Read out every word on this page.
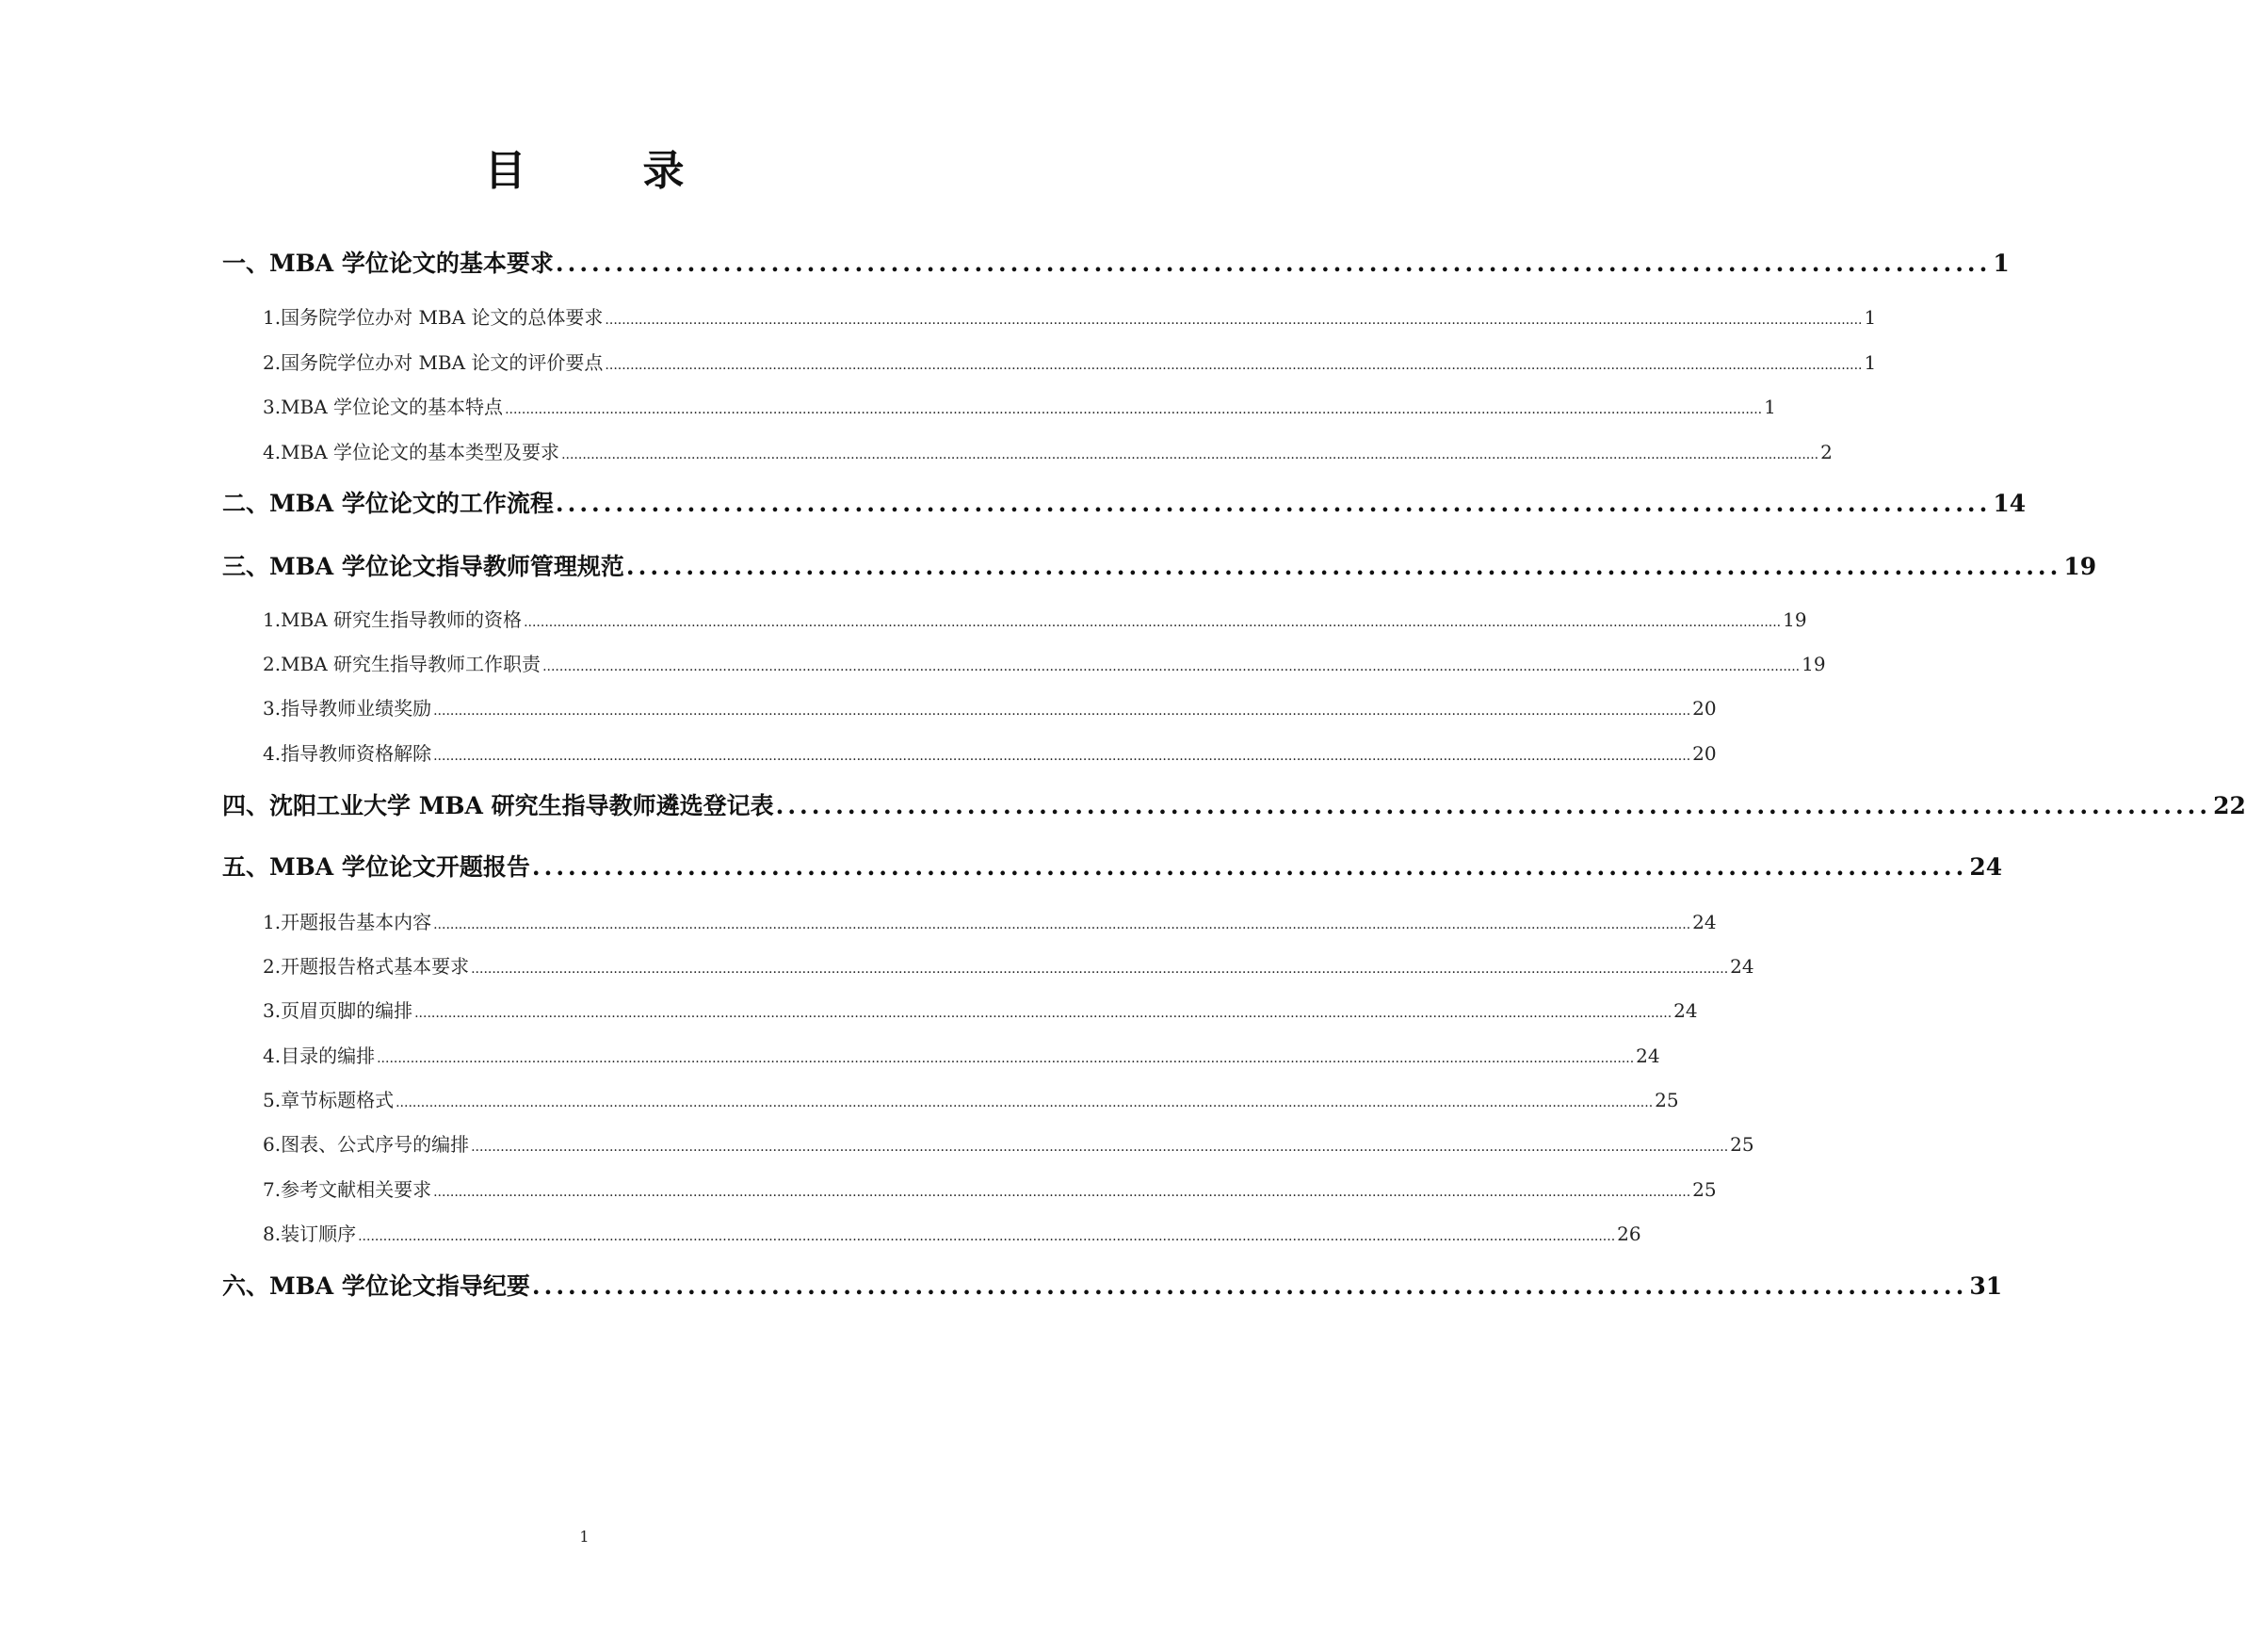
目　录
一、MBA 学位论文的基本要求 ........................................................................................................................ 1
1.国务院学位办对 MBA 论文的总体要求 ............................................................................................................................................................................................................................................................................................................ 1
2.国务院学位办对 MBA 论文的评价要点 ............................................................................................................................................................................................................................................................................................................ 1
3.MBA 学位论文的基本特点 ............................................................................................................................................................................................................................................................................................................ 1
4.MBA 学位论文的基本类型及要求 ............................................................................................................................................................................................................................................................................................................ 2
二、MBA 学位论文的工作流程 ........................................................................................................................ 14
三、MBA 学位论文指导教师管理规范 ........................................................................................................................ 19
1.MBA 研究生指导教师的资格 ............................................................................................................................................................................................................................................................................................................ 19
2.MBA 研究生指导教师工作职责 ............................................................................................................................................................................................................................................................................................................ 19
3.指导教师业绩奖励 ............................................................................................................................................................................................................................................................................................................ 20
4.指导教师资格解除 ............................................................................................................................................................................................................................................................................................................ 20
四、沈阳工业大学 MBA 研究生指导教师遴选登记表 ........................................................................................................................ 22
五、MBA 学位论文开题报告 ........................................................................................................................ 24
1.开题报告基本内容 ............................................................................................................................................................................................................................................................................................................ 24
2.开题报告格式基本要求 ............................................................................................................................................................................................................................................................................................................ 24
3.页眉页脚的编排 ............................................................................................................................................................................................................................................................................................................ 24
4.目录的编排 ............................................................................................................................................................................................................................................................................................................ 24
5.章节标题格式 ............................................................................................................................................................................................................................................................................................................ 25
6.图表、公式序号的编排 ............................................................................................................................................................................................................................................................................................................ 25
7.参考文献相关要求 ............................................................................................................................................................................................................................................................................................................ 25
8.装订顺序 ............................................................................................................................................................................................................................................................................................................ 26
六、MBA 学位论文指导纪要 ........................................................................................................................ 31
1
